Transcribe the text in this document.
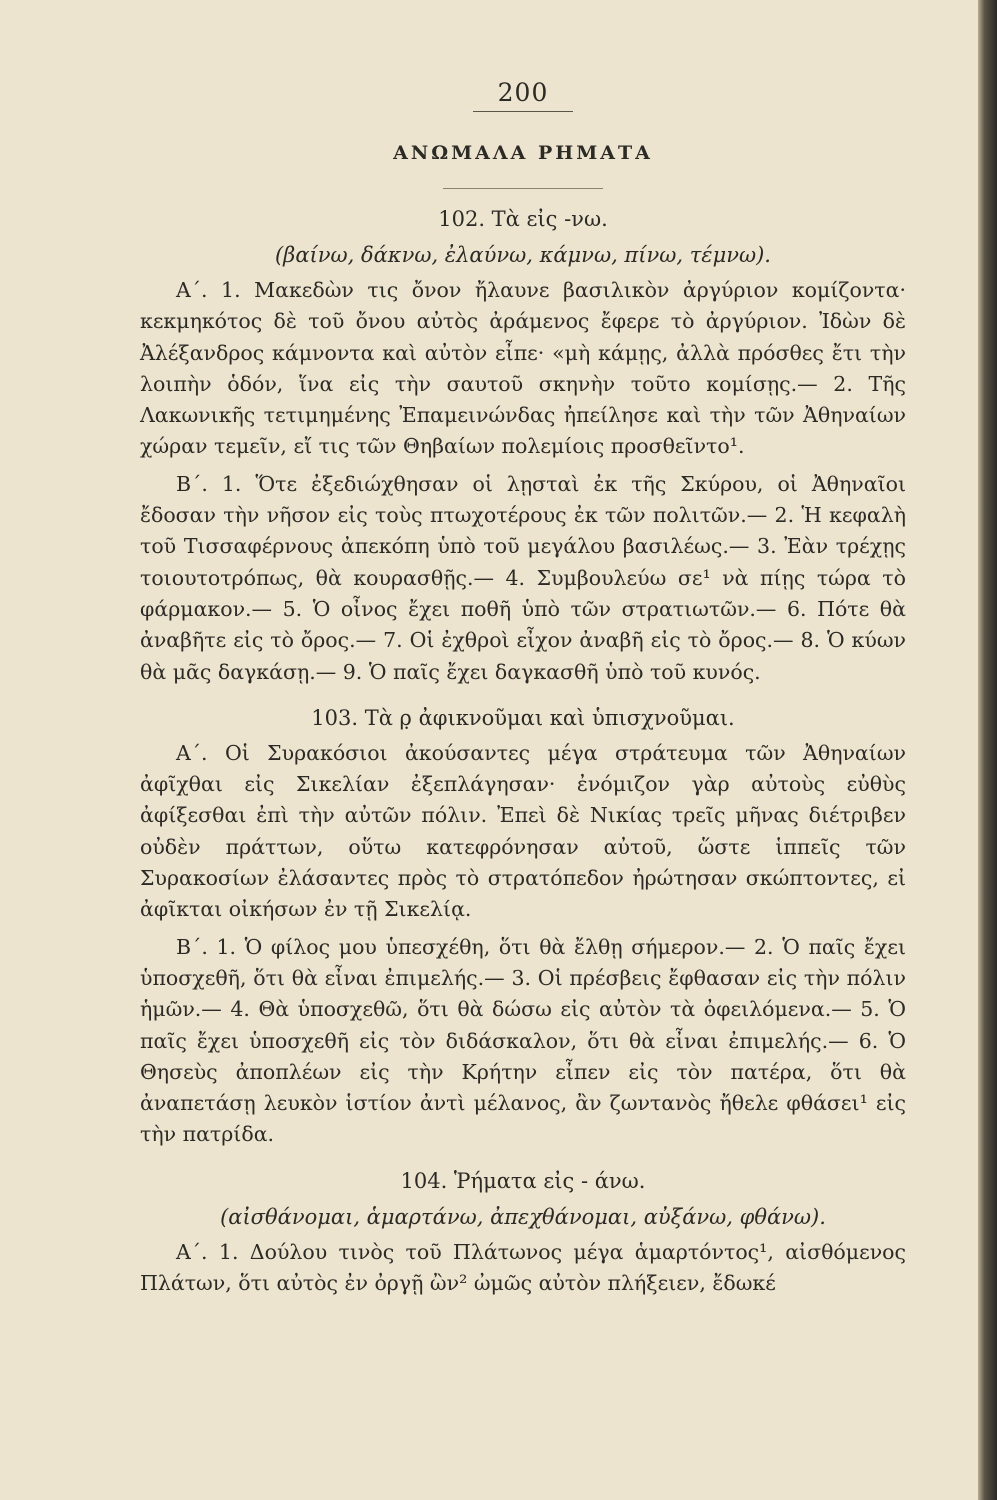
200
ΑΝΩΜΑΛΑ ΡΗΜΑΤΑ
102. Τὰ εἰς -νω.
(βαίνω, δάκνω, ἐλαύνω, κάμνω, πίνω, τέμνω).

Α΄. 1. Μακεδὼν τις ὄνον ἤλαυνε βασιλικὸν ἀργύριον κομίζοντα· κεκμηκότος δὲ τοῦ ὄνου αὐτὸς ἀράμενος ἔφερε τὸ ἀργύριον. Ἰδὼν δὲ Ἀλέξανδρος κάμνοντα καὶ αὐτὸν εἶπε· «μὴ κάμῃς, ἀλλὰ πρόσθες ἔτι τὴν λοιπὴν ὁδόν, ἵνα εἰς τὴν σαυτοῦ σκηνὴν τοῦτο κομίσῃς.— 2. Τῆς Λακωνικῆς τετιμημένης Ἐπαμεινώνδας ἠπείλησε καὶ τὴν τῶν Ἀθηναίων χώραν τεμεῖν, εἴ τις τῶν Θηβαίων πολεμίοις προσθεῖντο¹.

Β΄. 1. Ὅτε ἐξεδιώχθησαν οἱ λῃσταὶ ἐκ τῆς Σκύρου, οἱ Ἀθηναῖοι ἔδοσαν τὴν νῆσον εἰς τοὺς πτωχοτέρους ἐκ τῶν πολιτῶν.— 2. Ἡ κεφαλὴ τοῦ Τισσαφέρνους ἀπεκόπη ὑπὸ τοῦ μεγάλου βασιλέως.— 3. Ἐὰν τρέχῃς τοιουτοτρόπως, θὰ κουρασθῇς.— 4. Συμβουλεύω σε¹ νὰ πίῃς τώρα τὸ φάρμακον.— 5. Ὁ οἶνος ἔχει ποθῆ ὑπὸ τῶν στρατιωτῶν.— 6. Πότε θὰ ἀναβῆτε εἰς τὸ ὄρος.— 7. Οἱ ἐχθροὶ εἶχον ἀναβῆ εἰς τὸ ὄρος.— 8. Ὁ κύων θὰ μᾶς δαγκάσῃ.— 9. Ὁ παῖς ἔχει δαγκασθῆ ὑπὸ τοῦ κυνός.

103. Τὰ ρ̣ ἀφικνοῦμαι καὶ ὑπισχνοῦμαι.

Α΄. Οἱ Συρακόσιοι ἀκούσαντες μέγα στράτευμα τῶν Ἀθηναίων ἀφῖχθαι εἰς Σικελίαν ἐξεπλάγησαν· ἐνόμιζον γὰρ αὐτοὺς εὐθὺς ἀφίξεσθαι ἐπὶ τὴν αὐτῶν πόλιν. Ἐπεὶ δὲ Νικίας τρεῖς μῆνας διέτριβεν οὐδὲν πράττων, οὕτω κατεφρόνησαν αὐτοῦ, ὥστε ἱππεῖς τῶν Συρακοσίων ἐλάσαντες πρὸς τὸ στρατόπεδον ἠρώτησαν σκώπτοντες, εἰ ἀφῖκται οἰκήσων ἐν τῇ Σικελίᾳ.

Β΄. 1. Ὁ φίλος μου ὑπεσχέθη, ὅτι θὰ ἔλθῃ σήμερον.— 2. Ὁ παῖς ἔχει ὑποσχεθῆ, ὅτι θὰ εἶναι ἐπιμελής.— 3. Οἱ πρέσβεις ἔφθασαν εἰς τὴν πόλιν ἡμῶν.— 4. Θὰ ὑποσχεθῶ, ὅτι θὰ δώσω εἰς αὐτὸν τὰ ὀφειλόμενα.— 5. Ὁ παῖς ἔχει ὑποσχεθῆ εἰς τὸν διδάσκαλον, ὅτι θὰ εἶναι ἐπιμελής.— 6. Ὁ Θησεὺς ἀποπλέων εἰς τὴν Κρήτην εἶπεν εἰς τὸν πατέρα, ὅτι θὰ ἀναπετάσῃ λευκὸν ἱστίον ἀντὶ μέλανος, ἂν ζωντανὸς ἤθελε φθάσει¹ εἰς τὴν πατρίδα.

104. Ῥήματα εἰς - άνω.
(αἰσθάνομαι, ἁμαρτάνω, ἀπεχθάνομαι, αὐξάνω, φθάνω).

Α΄. 1. Δούλου τινὸς τοῦ Πλάτωνος μέγα ἁμαρτόντος¹, αἰσθόμενος Πλάτων, ὅτι αὐτὸς ἐν ὀργῇ ὢν² ὠμῶς αὐτὸν πλήξειεν, ἔδωκέ
